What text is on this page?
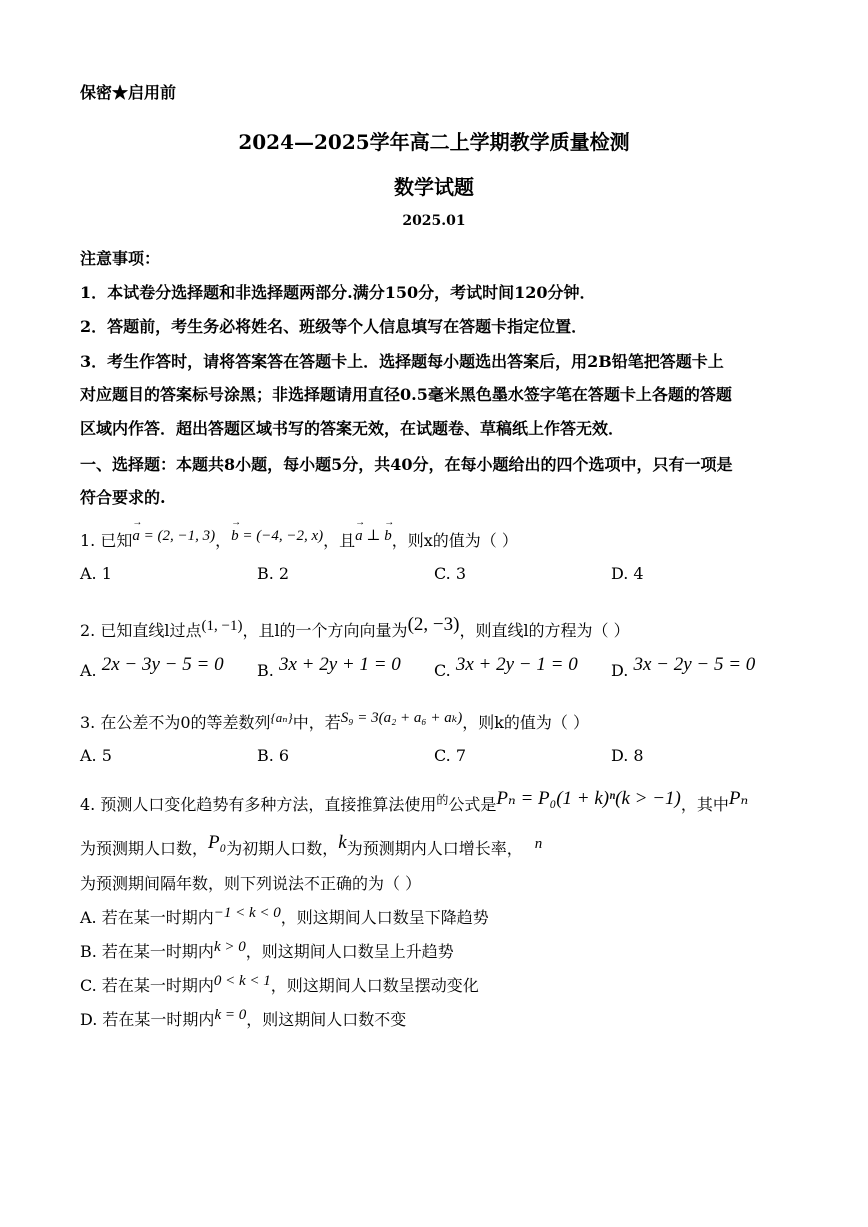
保密★启用前
2024—2025学年高二上学期教学质量检测
数学试题
2025.01
注意事项：
1．本试卷分选择题和非选择题两部分.满分150分，考试时间120分钟．
2．答题前，考生务必将姓名、班级等个人信息填写在答题卡指定位置．
3．考生作答时，请将答案答在答题卡上．选择题每小题选出答案后，用2B铅笔把答题卡上
对应题目的答案标号涂黑；非选择题请用直径0.5毫米黑色墨水签字笔在答题卡上各题的答题
区域内作答．超出答题区域书写的答案无效，在试题卷、草稿纸上作答无效．
一、选择题：本题共8小题，每小题5分，共40分，在每小题给出的四个选项中，只有一项是
符合要求的.
1. 已知→ a = (2, −1, 3)，→ b = (−4, −2, x)，且→ a ⊥ → b，则x的值为（ ）
A. 1	B. 2	C. 3	D. 4
2. 已知直线l过点(1, −1)，且l的一个方向向量为(2, −3)，则直线l的方程为（ ）
A. 2x − 3y − 5 = 0 B. 3x + 2y + 1 = 0 C. 3x + 2y − 1 = 0 D. 3x − 2y − 5 = 0
3. 在公差不为0的等差数列$^{\{a_n\}}$中，若S₉ = 3(a₂ + a₆ + aₖ)，则k的值为（ ）
A. 5	B. 6	C. 7	D. 8
4. 预测人口变化趋势有多种方法，直接推算法使用$^的$公式是Pₙ = P₀(1 + k)ⁿ(k > −1)，其中Pₙ
为预测期人口数，P₀为初期人口数，k为预测期内人口增长率， n
为预测期间隔年数，则下列说法不正确的为（ ）
A. 若在某一时期内−1 < k < 0，则这期间人口数呈下降趋势
B. 若在某一时期内k > 0，则这期间人口数呈上升趋势
C. 若在某一时期内0 < k < 1，则这期间人口数呈摆动变化
D. 若在某一时期内k = 0，则这期间人口数不变
